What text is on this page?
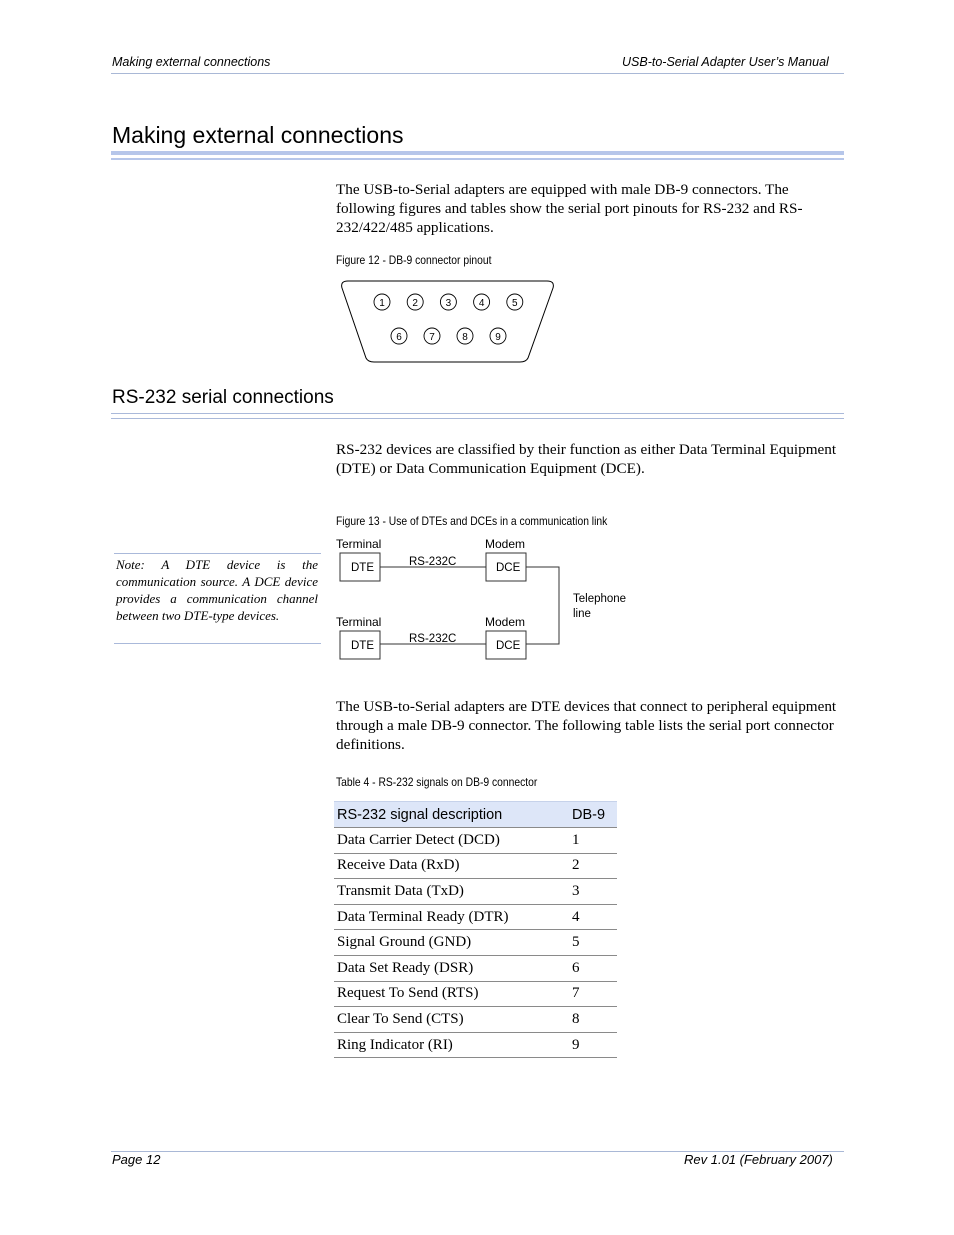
Making external connections	USB-to-Serial Adapter User’s Manual
Making external connections
The USB-to-Serial adapters are equipped with male DB-9 connectors. The following figures and tables show the serial port pinouts for RS-232 and RS-232/422/485 applications.
Figure 12 - DB-9 connector pinout
1	2	3	4	5
6	7	8	9
RS-232 serial connections
RS-232 devices are classified by their function as either Data Terminal Equipment (DTE) or Data Communication Equipment (DCE).
Figure 13 - Use of DTEs and DCEs in a communication link
Terminal	Modem
DTE	RS-232C	DCE
Terminal	Modem
DTE
RS-232C
DCE
Telephone
line
Note: A DTE device is the communication source. A DCE device provides a communication channel between two DTE-type devices.
The USB-to-Serial adapters are DTE devices that connect to peripheral equipment through a male DB-9 connector. The following table lists the serial port connector definitions.
Table 4 - RS-232 signals on DB-9 connector
RS-232 signal description	DB-9
Data Carrier Detect (DCD)	1
Receive Data (RxD)	2
Transmit Data (TxD)	3
Data Terminal Ready (DTR)	4
Signal Ground (GND)	5
Data Set Ready (DSR)	6
Request To Send (RTS)	7
Clear To Send (CTS)	8
Ring Indicator (RI)	9
Page 12	Rev 1.01 (February 2007)
